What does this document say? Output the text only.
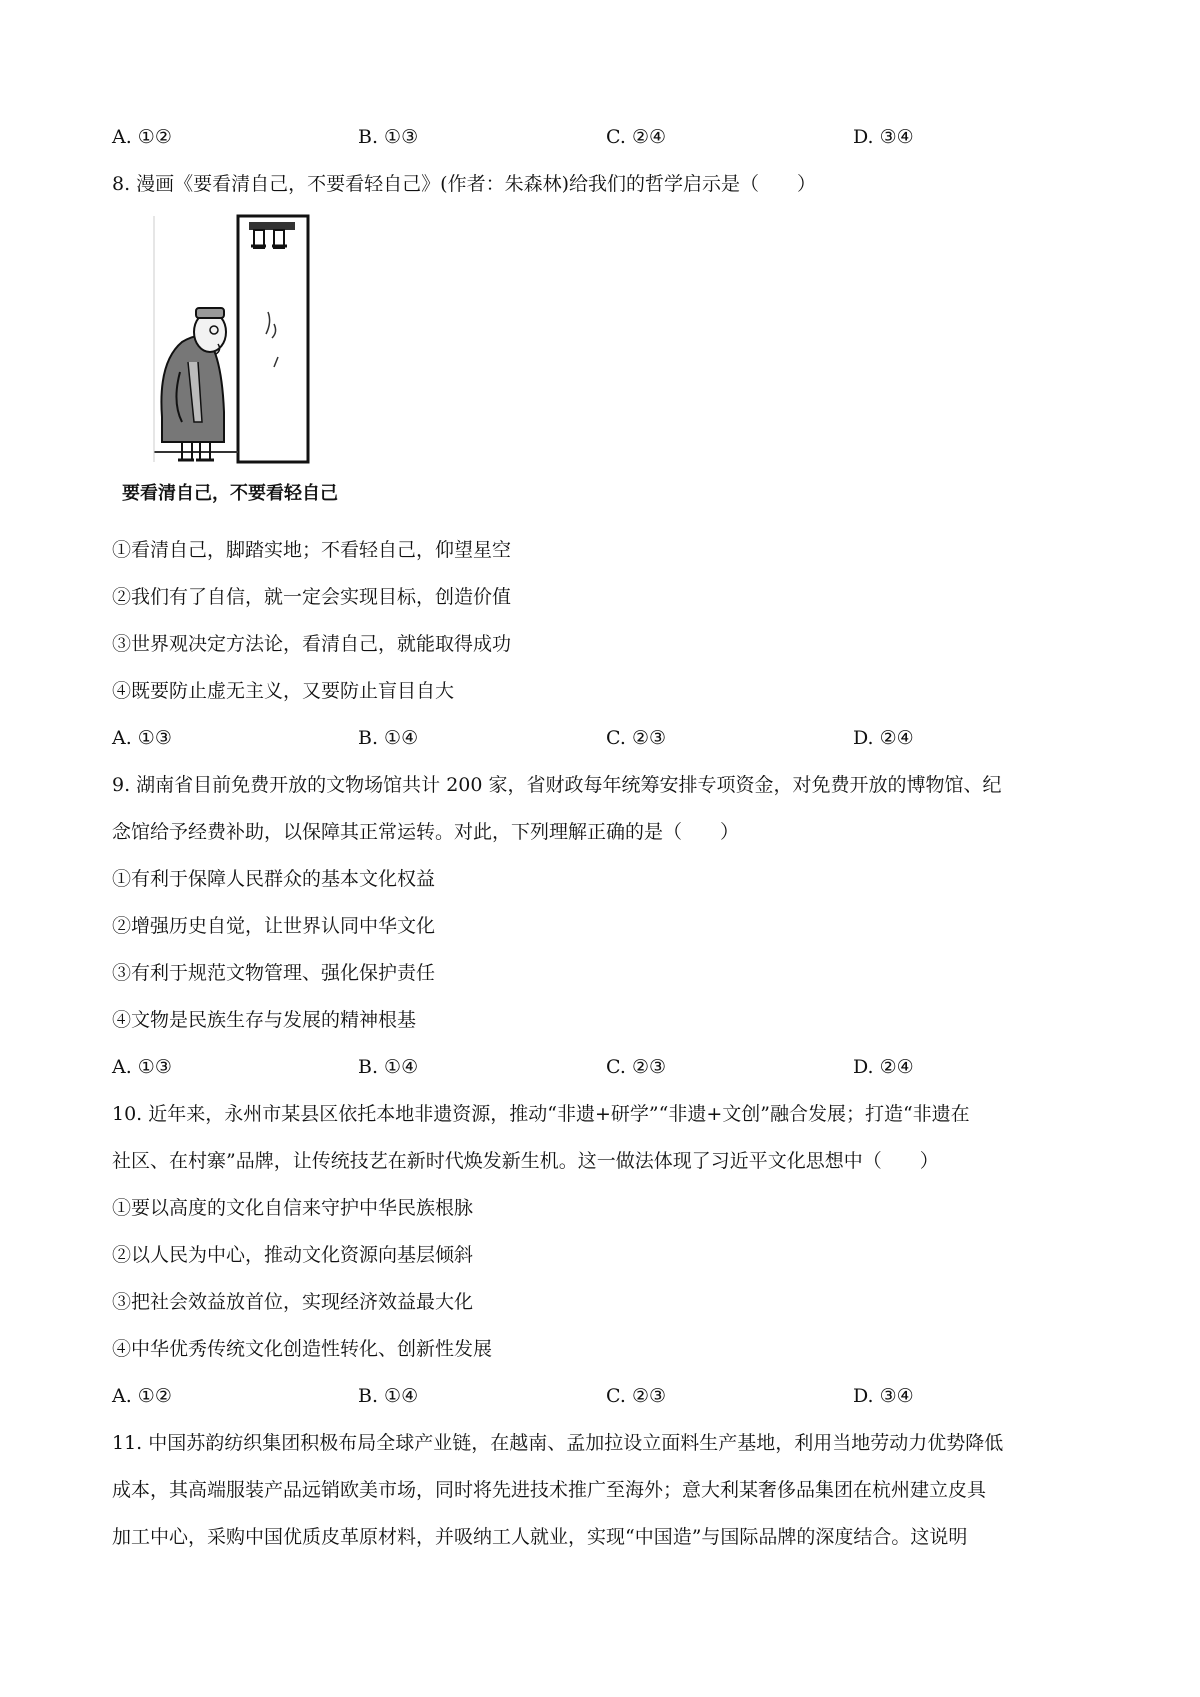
A. ①②	B. ①③	C. ②④	D. ③④
8. 漫画《要看清自己，不要看轻自己》(作者：朱森林)给我们的哲学启示是（　　）
要看清自己，不要看轻自己
①看清自己，脚踏实地；不看轻自己，仰望星空
②我们有了自信，就一定会实现目标，创造价值
③世界观决定方法论，看清自己，就能取得成功
④既要防止虚无主义，又要防止盲目自大
A. ①③	B. ①④	C. ②③	D. ②④
9. 湖南省目前免费开放的文物场馆共计 200 家，省财政每年统筹安排专项资金，对免费开放的博物馆、纪
念馆给予经费补助，以保障其正常运转。对此，下列理解正确的是（　　）
①有利于保障人民群众的基本文化权益
②增强历史自觉，让世界认同中华文化
③有利于规范文物管理、强化保护责任
④文物是民族生存与发展的精神根基
A. ①③	B. ①④	C. ②③	D. ②④
10. 近年来，永州市某县区依托本地非遗资源，推动“非遗+研学”“非遗+文创”融合发展；打造“非遗在
社区、在村寨”品牌，让传统技艺在新时代焕发新生机。这一做法体现了习近平文化思想中（　　）
①要以高度的文化自信来守护中华民族根脉
②以人民为中心，推动文化资源向基层倾斜
③把社会效益放首位，实现经济效益最大化
④中华优秀传统文化创造性转化、创新性发展
A. ①②	B. ①④	C. ②③	D. ③④
11. 中国苏韵纺织集团积极布局全球产业链，在越南、孟加拉设立面料生产基地，利用当地劳动力优势降低
成本，其高端服装产品远销欧美市场，同时将先进技术推广至海外；意大利某奢侈品集团在杭州建立皮具
加工中心，采购中国优质皮革原材料，并吸纳工人就业，实现“中国造”与国际品牌的深度结合。这说明
